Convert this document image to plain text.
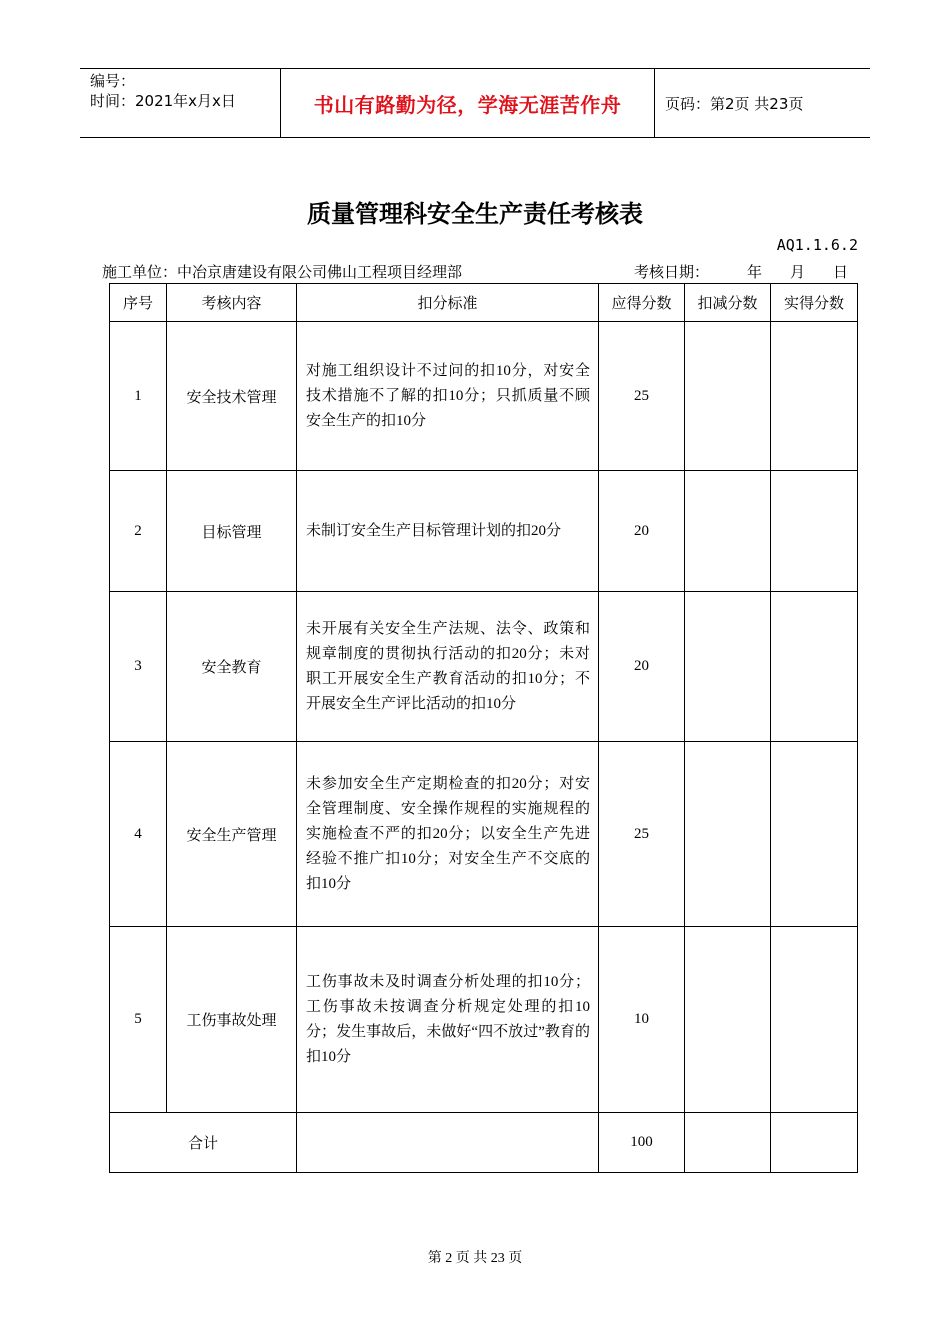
编号：
时间：2021年x月x日	书山有路勤为径，学海无涯苦作舟	页码：第2页 共23页
质量管理科安全生产责任考核表
AQ1.1.6.2
施工单位：中冶京唐建设有限公司佛山工程项目经理部	考核日期：	年 月 日
序号	考核内容	扣分标准	应得分数	扣减分数	实得分数
1	安全技术管理	对施工组织设计不过问的扣10分，对安全技术措施不了解的扣10分；只抓质量不顾安全生产的扣10分	25		
2	目标管理	未制订安全生产目标管理计划的扣20分	20		
3	安全教育	未开展有关安全生产法规、法令、政策和规章制度的贯彻执行活动的扣20分；未对职工开展安全生产教育活动的扣10分；不开展安全生产评比活动的扣10分	20		
4	安全生产管理	未参加安全生产定期检查的扣20分；对安全管理制度、安全操作规程的实施规程的实施检查不严的扣20分；以安全生产先进经验不推广扣10分；对安全生产不交底的扣10分	25		
5	工伤事故处理	工伤事故未及时调查分析处理的扣10分；工伤事故未按调查分析规定处理的扣10分；发生事故后，未做好“四不放过”教育的扣10分	10		
合计			100		
第 2 页 共 23 页
